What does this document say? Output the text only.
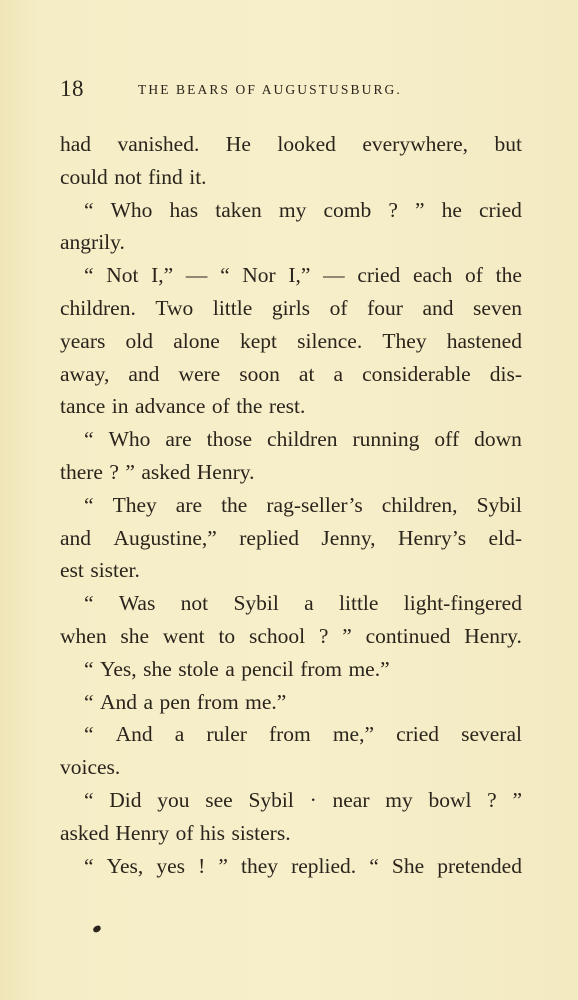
18	THE BEARS OF AUGUSTUSBURG.
had vanished. He looked everywhere, but
could not find it.
“ Who has taken my comb ? ” he cried
angrily.
“ Not I,” — “ Nor I,” — cried each of the
children. Two little girls of four and seven
years old alone kept silence. They hastened
away, and were soon at a considerable dis-
tance in advance of the rest.
“ Who are those children running off down
there ? ” asked Henry.
“ They are the rag-seller’s children, Sybil
and Augustine,” replied Jenny, Henry’s eld-
est sister.
“ Was not Sybil a little light-fingered
when she went to school ? ” continued Henry.
“ Yes, she stole a pencil from me.”
“ And a pen from me.”
“ And a ruler from me,” cried several
voices.
“ Did you see Sybil · near my bowl ? ”
asked Henry of his sisters.
“ Yes, yes ! ” they replied. “ She pretended
